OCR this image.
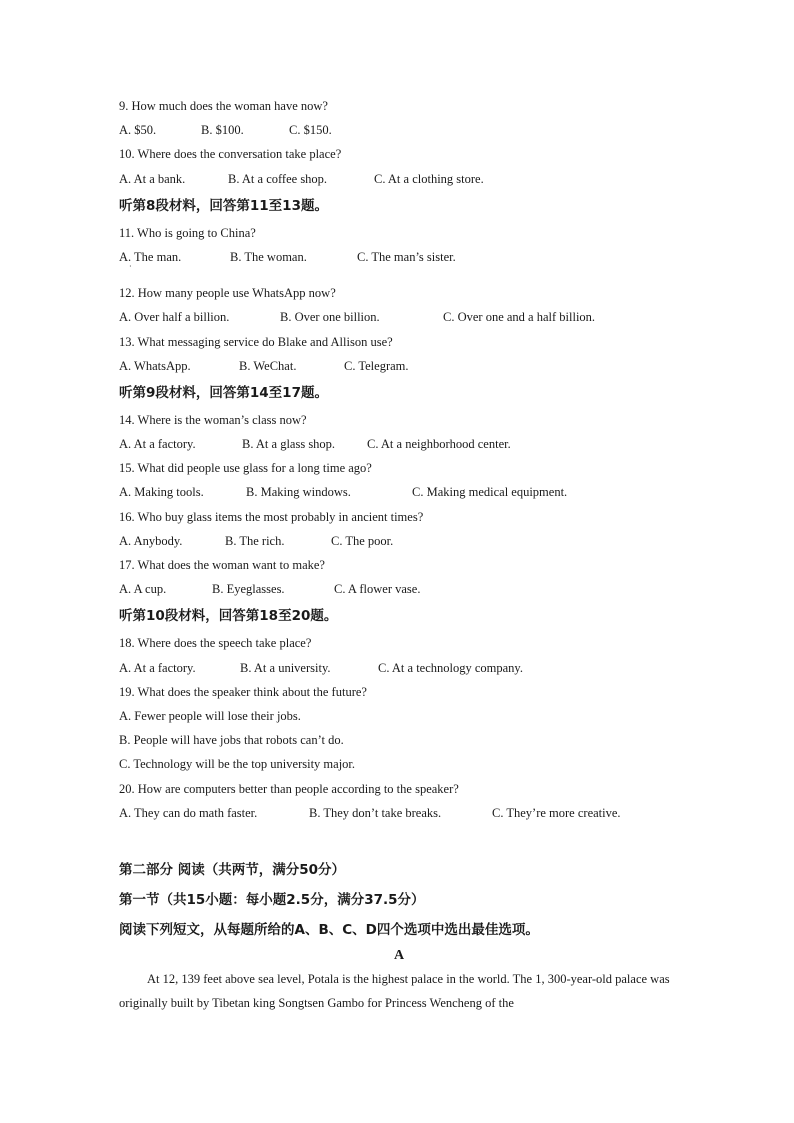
9. How much does the woman have now?
A. $50.	B. $100.	C. $150.
10. Where does the conversation take place?
A. At a bank.	B. At a coffee shop.	C. At a clothing store.
听第8段材料，回答第11至13题。
11. Who is going to China?
A. The man.	B. The woman.	C. The man’s sister.
·
12. How many people use WhatsApp now?
A. Over half a billion.	B. Over one billion.	C. Over one and a half billion.
13. What messaging service do Blake and Allison use?
A. WhatsApp.	B. WeChat.	C. Telegram.
听第9段材料，回答第14至17题。
14. Where is the woman’s class now?
A. At a factory.	B. At a glass shop.	C. At a neighborhood center.
15. What did people use glass for a long time ago?
A. Making tools.	B. Making windows.	C. Making medical equipment.
16. Who buy glass items the most probably in ancient times?
A. Anybody.	B. The rich.	C. The poor.
17. What does the woman want to make?
A. A cup.	B. Eyeglasses.	C. A flower vase.
听第10段材料，回答第18至20题。
18. Where does the speech take place?
A. At a factory.	B. At a university.	C. At a technology company.
19. What does the speaker think about the future?
A. Fewer people will lose their jobs.
B. People will have jobs that robots can’t do.
C. Technology will be the top university major.
20. How are computers better than people according to the speaker?
A. They can do math faster.	B. They don’t take breaks.	C. They’re more creative.
第二部分 阅读（共两节，满分50分）
第一节（共15小题：每小题2.5分，满分37.5分）
阅读下列短文，从每题所给的A、B、C、D四个选项中选出最佳选项。
A
At 12, 139 feet above sea level, Potala is the highest palace in the world. The 1, 300-year-old palace was originally built by Tibetan king Songtsen Gambo for Princess Wencheng of the
